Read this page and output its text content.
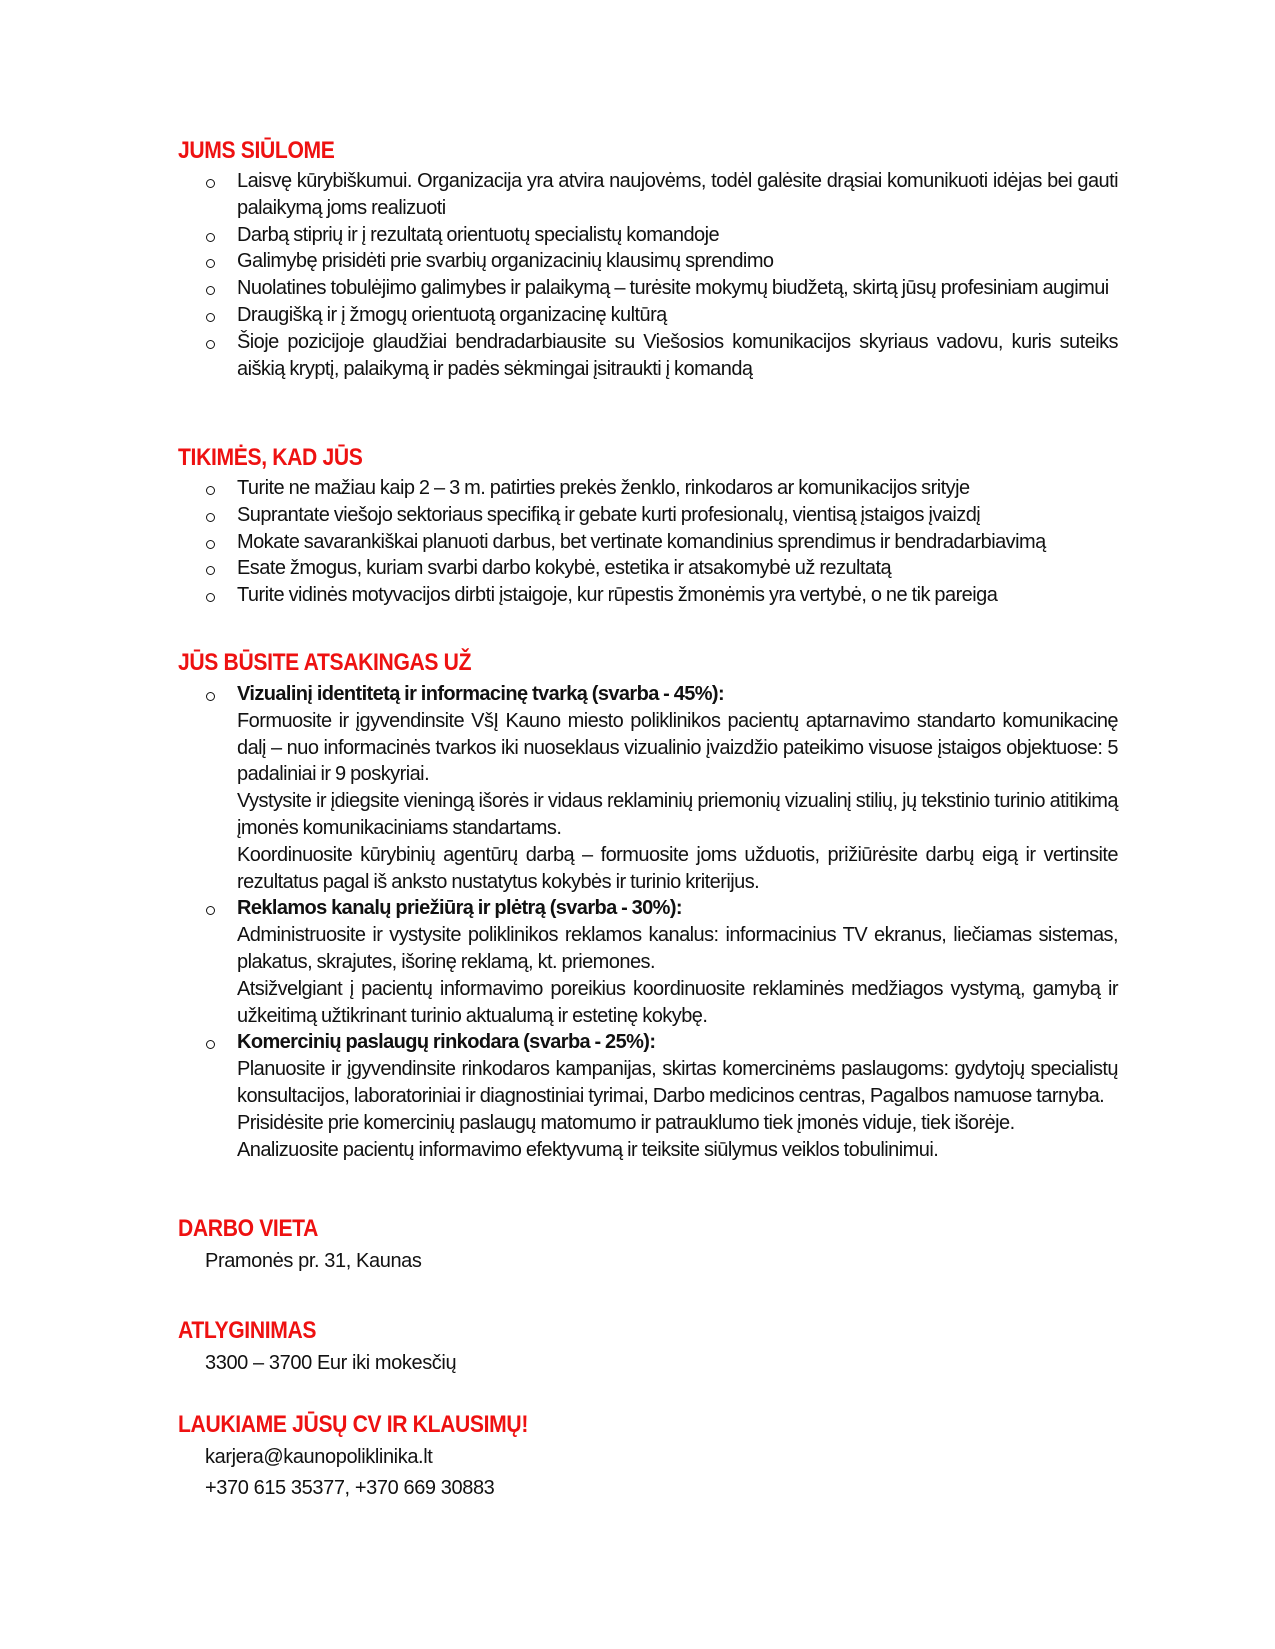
JUMS SIŪLOME
Laisvę kūrybiškumui. Organizacija yra atvira naujovėms, todėl galėsite drąsiai komunikuoti idėjas bei gauti palaikymą joms realizuoti
Darbą stiprių ir į rezultatą orientuotų specialistų komandoje
Galimybę prisidėti prie svarbių organizacinių klausimų sprendimo
Nuolatines tobulėjimo galimybes ir palaikymą – turėsite mokymų biudžetą, skirtą jūsų profesiniam augimui
Draugišką ir į žmogų orientuotą organizacinę kultūrą
Šioje pozicijoje glaudžiai bendradarbiausite su Viešosios komunikacijos skyriaus vadovu, kuris suteiks aiškią kryptį, palaikymą ir padės sėkmingai įsitraukti į komandą
TIKIMĖS, KAD JŪS
Turite ne mažiau kaip 2 – 3 m. patirties prekės ženklo, rinkodaros ar komunikacijos srityje
Suprantate viešojo sektoriaus specifiką ir gebate kurti profesionalų, vientisą įstaigos įvaizdį
Mokate savarankiškai planuoti darbus, bet vertinate komandinius sprendimus ir bendradarbiavimą
Esate žmogus, kuriam svarbi darbo kokybė, estetika ir atsakomybė už rezultatą
Turite vidinės motyvacijos dirbti įstaigoje, kur rūpestis žmonėmis yra vertybė, o ne tik pareiga
JŪS BŪSITE ATSAKINGAS UŽ
Vizualinį identitetą ir informacinę tvarką (svarba - 45%):
Formuosite ir įgyvendinsite VšĮ Kauno miesto poliklinikos pacientų aptarnavimo standarto komunikacinę dalį – nuo informacinės tvarkos iki nuoseklaus vizualinio įvaizdžio pateikimo visuose įstaigos objektuose: 5 padaliniai ir 9 poskyriai.
Vystysite ir įdiegsite vieningą išorės ir vidaus reklaminių priemonių vizualinį stilių, jų tekstinio turinio atitikimą įmonės komunikaciniams standartams.
Koordinuosite kūrybinių agentūrų darbą – formuosite joms užduotis, prižiūrėsite darbų eigą ir vertinsite rezultatus pagal iš anksto nustatytus kokybės ir turinio kriterijus.
Reklamos kanalų priežiūrą ir plėtrą (svarba - 30%):
Administruosite ir vystysite poliklinikos reklamos kanalus: informacinius TV ekranus, liečiamas sistemas, plakatus, skrajutes, išorinę reklamą, kt. priemones.
Atsižvelgiant į pacientų informavimo poreikius koordinuosite reklaminės medžiagos vystymą, gamybą ir užkeitimą užtikrinant turinio aktualumą ir estetinę kokybę.
Komercinių paslaugų rinkodara (svarba - 25%):
Planuosite ir įgyvendinsite rinkodaros kampanijas, skirtas komercinėms paslaugoms: gydytojų specialistų konsultacijos, laboratoriniai ir diagnostiniai tyrimai, Darbo medicinos centras, Pagalbos namuose tarnyba.
Prisidėsite prie komercinių paslaugų matomumo ir patrauklumo tiek įmonės viduje, tiek išorėje.
Analizuosite pacientų informavimo efektyvumą ir teiksite siūlymus veiklos tobulinimui.
DARBO VIETA

Pramonės pr. 31, Kaunas

ATLYGINIMAS

3300 – 3700 Eur iki mokesčių

LAUKIAME JŪSŲ CV IR KLAUSIMŲ!

karjera@kaunopoliklinika.lt

+370 615 35377, +370 669 30883
